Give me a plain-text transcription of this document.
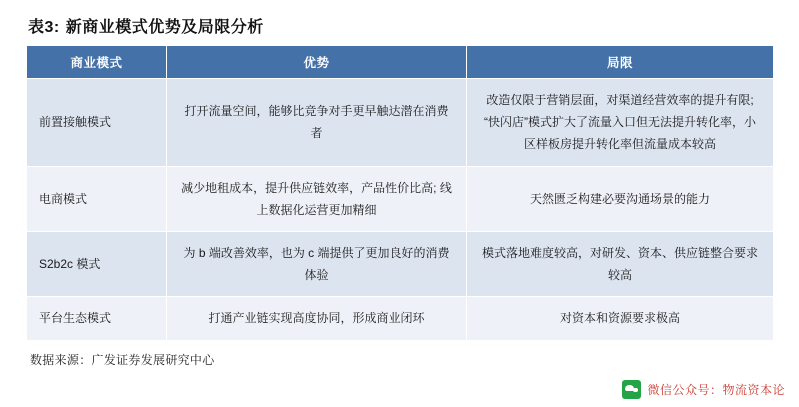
表3: 新商业模式优势及局限分析
商业模式	优势	局限
前置接触模式	打开流量空间，能够比竞争对手更早触达潜在消费者	改造仅限于营销层面，对渠道经营效率的提升有限; “快闪店”模式扩大了流量入口但无法提升转化率，小区样板房提升转化率但流量成本较高
电商模式	减少地租成本，提升供应链效率，产品性价比高; 线上数据化运营更加精细	天然匮乏构建必要沟通场景的能力
S2b2c 模式	为 b 端改善效率，也为 c 端提供了更加良好的消费体验	模式落地难度较高，对研发、资本、供应链整合要求较高
平台生态模式	打通产业链实现高度协同，形成商业闭环	对资本和资源要求极高
数据来源：广发证券发展研究中心
微信公众号：物流资本论
